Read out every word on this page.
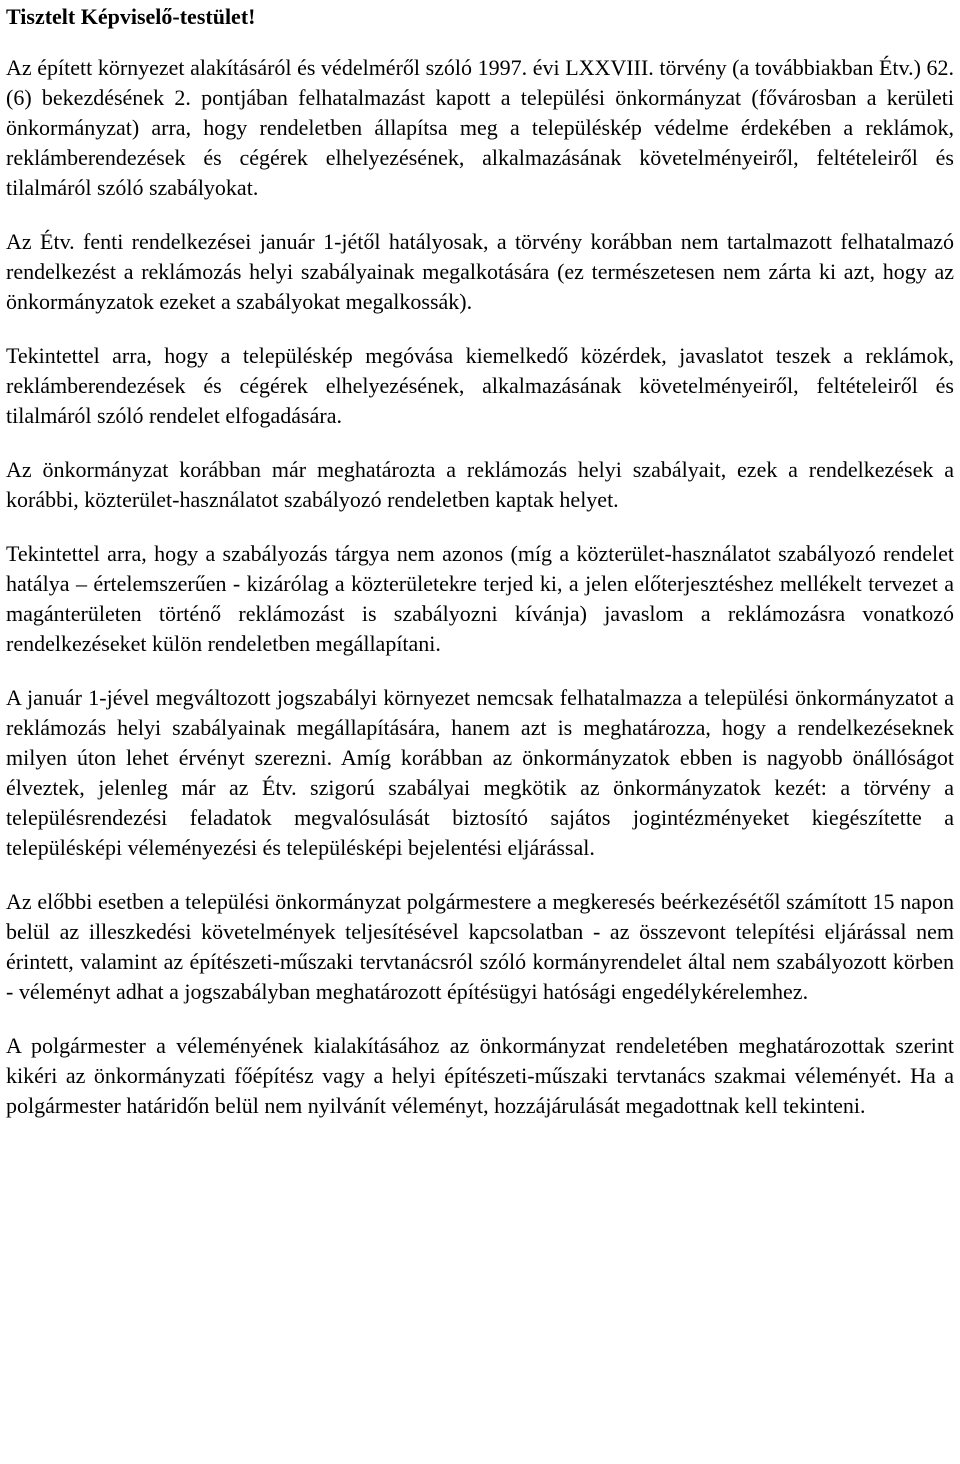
Tisztelt Képviselő-testület!

Az épített környezet alakításáról és védelméről szóló 1997. évi LXXVIII. törvény (a továbbiakban Étv.) 62. (6) bekezdésének 2. pontjában felhatalmazást kapott a települési önkormányzat (fővárosban a kerületi önkormányzat) arra, hogy rendeletben állapítsa meg a településkép védelme érdekében a reklámok, reklámberendezések és cégérek elhelyezésének, alkalmazásának követelményeiről, feltételeiről és tilalmáról szóló szabályokat.

Az Étv. fenti rendelkezései január 1-jétől hatályosak, a törvény korábban nem tartalmazott felhatalmazó rendelkezést a reklámozás helyi szabályainak megalkotására (ez természetesen nem zárta ki azt, hogy az önkormányzatok ezeket a szabályokat megalkossák).

Tekintettel arra, hogy a településkép megóvása kiemelkedő közérdek, javaslatot teszek a reklámok, reklámberendezések és cégérek elhelyezésének, alkalmazásának követelményeiről, feltételeiről és tilalmáról szóló rendelet elfogadására.

Az önkormányzat korábban már meghatározta a reklámozás helyi szabályait, ezek a rendelkezések a korábbi, közterület-használatot szabályozó rendeletben kaptak helyet.

Tekintettel arra, hogy a szabályozás tárgya nem azonos (míg a közterület-használatot szabályozó rendelet hatálya – értelemszerűen - kizárólag a közterületekre terjed ki, a jelen előterjesztéshez mellékelt tervezet a magánterületen történő reklámozást is szabályozni kívánja) javaslom a reklámozásra vonatkozó rendelkezéseket külön rendeletben megállapítani.

A január 1-jével megváltozott jogszabályi környezet nemcsak felhatalmazza a települési önkormányzatot a reklámozás helyi szabályainak megállapítására, hanem azt is meghatározza, hogy a rendelkezéseknek milyen úton lehet érvényt szerezni. Amíg korábban az önkormányzatok ebben is nagyobb önállóságot élveztek, jelenleg már az Étv. szigorú szabályai megkötik az önkormányzatok kezét: a törvény a településrendezési feladatok megvalósulását biztosító sajátos jogintézményeket kiegészítette a településképi véleményezési és településképi bejelentési eljárással.

Az előbbi esetben a települési önkormányzat polgármestere a megkeresés beérkezésétől számított 15 napon belül az illeszkedési követelmények teljesítésével kapcsolatban - az összevont telepítési eljárással nem érintett, valamint az építészeti-műszaki tervtanácsról szóló kormányrendelet által nem szabályozott körben - véleményt adhat a jogszabályban meghatározott építésügyi hatósági engedélykérelemhez.

A polgármester a véleményének kialakításához az önkormányzat rendeletében meghatározottak szerint kikéri az önkormányzati főépítész vagy a helyi építészeti-műszaki tervtanács szakmai véleményét. Ha a polgármester határidőn belül nem nyilvánít véleményt, hozzájárulását megadottnak kell tekinteni.
